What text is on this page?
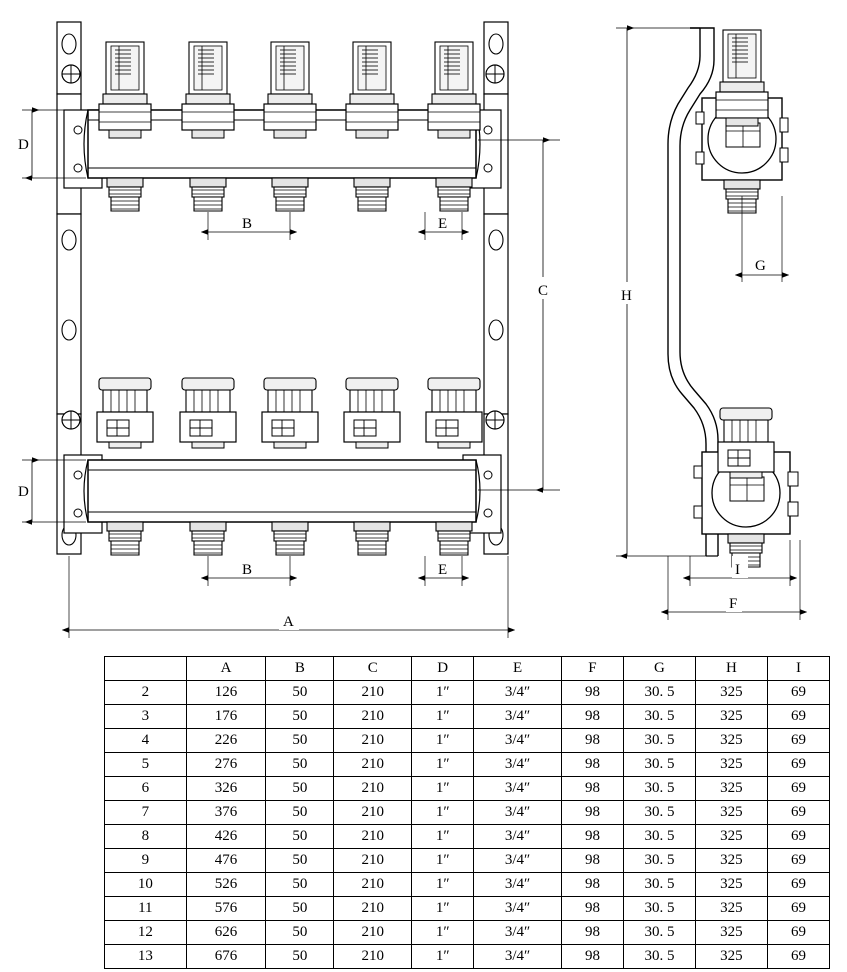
D
D
B	E
B	E
C
A
H
G
I
F
	A	B	C	D	E	F	G	H	I
2	126	50	210	1″	3/4″	98	30. 5	325	69
3	176	50	210	1″	3/4″	98	30. 5	325	69
4	226	50	210	1″	3/4″	98	30. 5	325	69
5	276	50	210	1″	3/4″	98	30. 5	325	69
6	326	50	210	1″	3/4″	98	30. 5	325	69
7	376	50	210	1″	3/4″	98	30. 5	325	69
8	426	50	210	1″	3/4″	98	30. 5	325	69
9	476	50	210	1″	3/4″	98	30. 5	325	69
10	526	50	210	1″	3/4″	98	30. 5	325	69
11	576	50	210	1″	3/4″	98	30. 5	325	69
12	626	50	210	1″	3/4″	98	30. 5	325	69
13	676	50	210	1″	3/4″	98	30. 5	325	69
